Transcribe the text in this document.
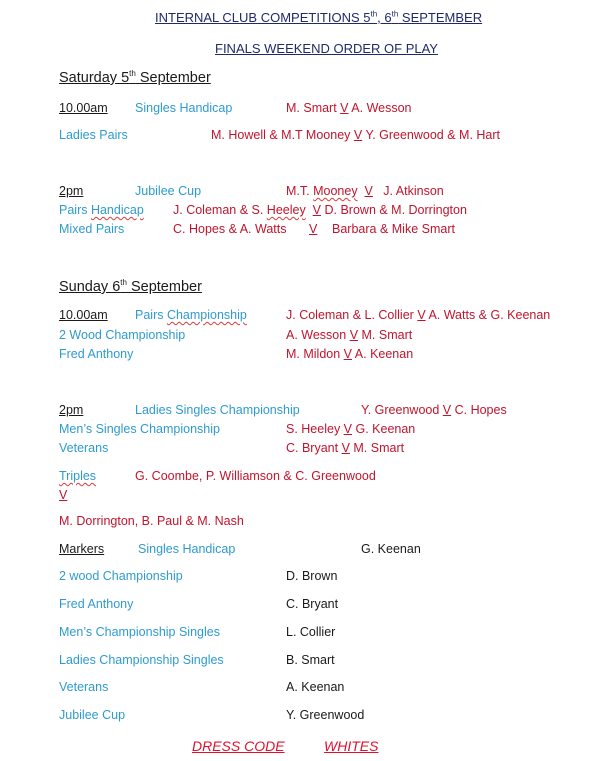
INTERNAL CLUB COMPETITIONS 5th, 6th SEPTEMBER
FINALS WEEKEND ORDER OF PLAY
Saturday 5th September
10.00am Singles Handicap	M. Smart V A. Wesson
Ladies Pairs	M. Howell & M.T Mooney V Y. Greenwood & M. Hart
2pm	Jubilee Cup	M.T. Mooney V J. Atkinson
Pairs Handicap J. Coleman & S. Heeley V D. Brown & M. Dorrington
Mixed Pairs	C. Hopes & A. Watts V Barbara & Mike Smart
Sunday 6th September
10.00am Pairs Championship	J. Coleman & L. Collier V A. Watts & G. Keenan
2 Wood Championship	A. Wesson V M. Smart
Fred Anthony	M. Mildon V A. Keenan
2pm	Ladies Singles Championship	Y. Greenwood V C. Hopes
Men’s Singles Championship	S. Heeley V G. Keenan
Veterans	C. Bryant V M. Smart
Triples	G. Coombe, P. Williamson & C. Greenwood
V
M. Dorrington, B. Paul & M. Nash
Markers	Singles Handicap	G. Keenan
2 wood Championship	D. Brown
Fred Anthony	C. Bryant
Men’s Championship Singles	L. Collier
Ladies Championship Singles	B. Smart
Veterans	A. Keenan
Jubilee Cup	Y. Greenwood
DRESS CODE	WHITES
